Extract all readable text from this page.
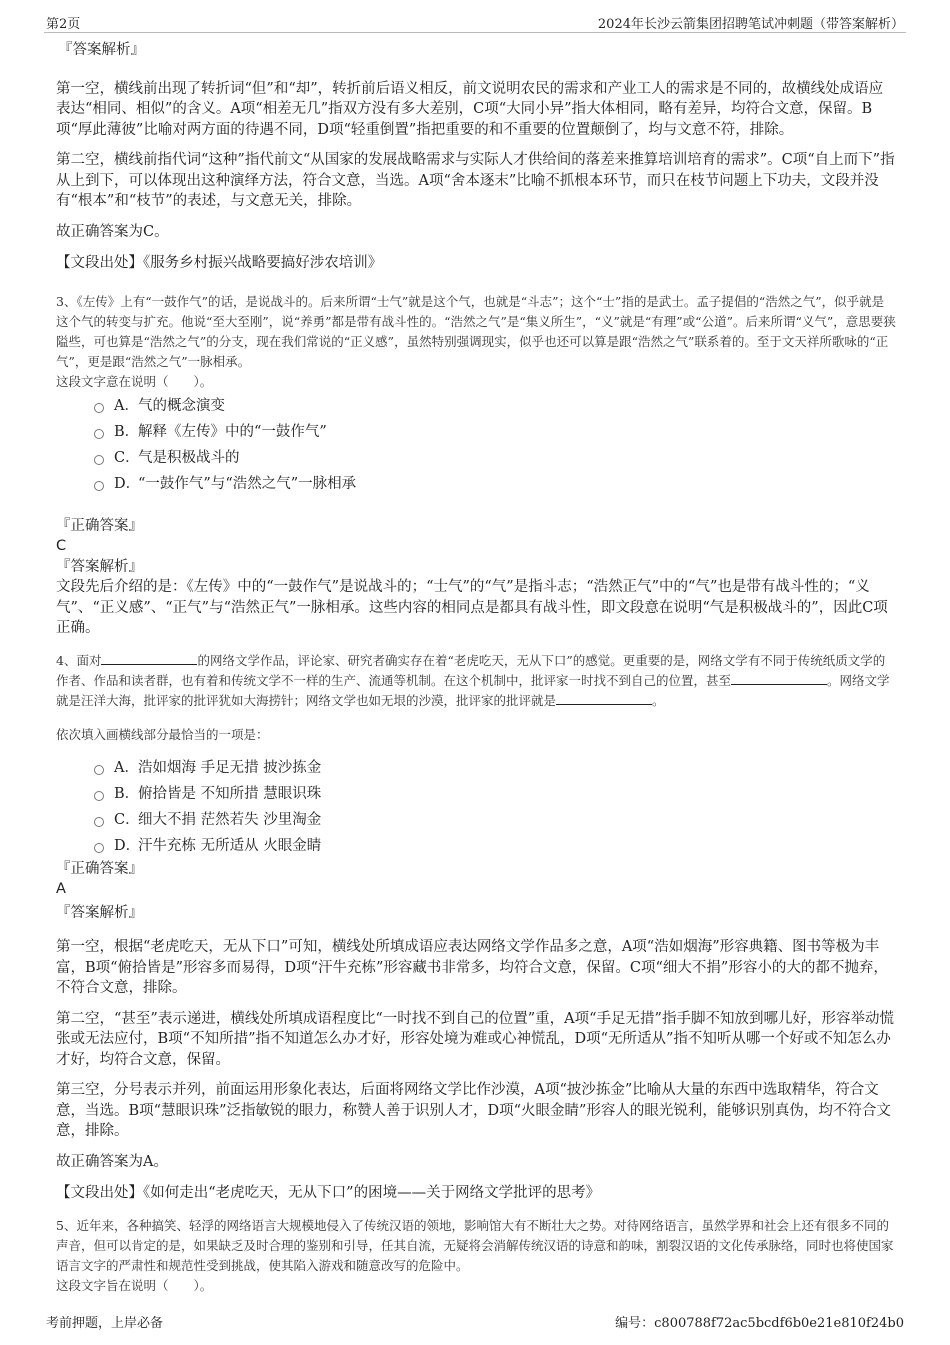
第2页	2024年长沙云箭集团招聘笔试冲刺题（带答案解析）

『答案解析』

第一空，横线前出现了转折词“但”和“却”，转折前后语义相反，前文说明农民的需求和产业工人的需求是不同的，故横线处成语应表达“相同、相似”的含义。A项“相差无几”指双方没有多大差别，C项“大同小异”指大体相同，略有差异，均符合文意，保留。B项“厚此薄彼”比喻对两方面的待遇不同，D项“轻重倒置”指把重要的和不重要的位置颠倒了，均与文意不符，排除。

第二空，横线前指代词“这种”指代前文“从国家的发展战略需求与实际人才供给间的落差来推算培训培育的需求”。C项“自上而下”指从上到下，可以体现出这种演绎方法，符合文意，当选。A项“舍本逐末”比喻不抓根本环节，而只在枝节问题上下功夫，文段并没有“根本”和“枝节”的表述，与文意无关，排除。

故正确答案为C。

【文段出处】《服务乡村振兴战略要搞好涉农培训》

3、《左传》上有“一鼓作气”的话，是说战斗的。后来所谓“士气”就是这个气，也就是“斗志”；这个“士”指的是武士。孟子提倡的“浩然之气”，似乎就是这个气的转变与扩充。他说“至大至刚”，说“养勇”都是带有战斗性的。“浩然之气”是“集义所生”，“义”就是“有理”或“公道”。后来所谓“义气”，意思要狭隘些，可也算是“浩然之气”的分支，现在我们常说的“正义感”，虽然特别强调现实，似乎也还可以算是跟“浩然之气”联系着的。至于文天祥所歌咏的“正气”，更是跟“浩然之气”一脉相承。

这段文字意在说明（　　）。

A．气的概念演变
B．解释《左传》中的“一鼓作气”
C．气是积极战斗的
D．“一鼓作气”与“浩然之气”一脉相承

『正确答案』

C

『答案解析』

文段先后介绍的是：《左传》中的“一鼓作气”是说战斗的；“士气”的“气”是指斗志；“浩然正气”中的“气”也是带有战斗性的；“义气”、“正义感”、“正气”与“浩然正气”一脉相承。这些内容的相同点是都具有战斗性，即文段意在说明“气是积极战斗的”，因此C项正确。

4、面对	的网络文学作品，评论家、研究者确实存在着“老虎吃天，无从下口”的感觉。更重要的是，网络文学有不同于传统纸质文学的作者、作品和读者群，也有着和传统文学不一样的生产、流通等机制。在这个机制中，批评家一时找不到自己的位置，甚至	。网络文学就是汪洋大海，批评家的批评犹如大海捞针；网络文学也如无垠的沙漠，批评家的批评就是	。

依次填入画横线部分最恰当的一项是：

A．浩如烟海 手足无措 披沙拣金
B．俯拾皆是 不知所措 慧眼识珠
C．细大不捐 茫然若失 沙里淘金
D．汗牛充栋 无所适从 火眼金睛

『正确答案』

A

『答案解析』

第一空，根据“老虎吃天，无从下口”可知，横线处所填成语应表达网络文学作品多之意，A项“浩如烟海”形容典籍、图书等极为丰富，B项“俯拾皆是”形容多而易得，D项“汗牛充栋”形容藏书非常多，均符合文意，保留。C项“细大不捐”形容小的大的都不抛弃，不符合文意，排除。

第二空，“甚至”表示递进，横线处所填成语程度比“一时找不到自己的位置”重，A项“手足无措”指手脚不知放到哪儿好，形容举动慌张或无法应付，B项“不知所措”指不知道怎么办才好，形容处境为难或心神慌乱，D项“无所适从”指不知听从哪一个好或不知怎么办才好，均符合文意，保留。

第三空，分号表示并列，前面运用形象化表达，后面将网络文学比作沙漠，A项“披沙拣金”比喻从大量的东西中选取精华，符合文意，当选。B项“慧眼识珠”泛指敏锐的眼力，称赞人善于识别人才，D项“火眼金睛”形容人的眼光锐利，能够识别真伪，均不符合文意，排除。

故正确答案为A。

【文段出处】《如何走出“老虎吃天，无从下口”的困境——关于网络文学批评的思考》

5、近年来，各种搞笑、轻浮的网络语言大规模地侵入了传统汉语的领地，影响馆大有不断壮大之势。对待网络语言，虽然学界和社会上还有很多不同的声音，但可以肯定的是，如果缺乏及时合理的鉴别和引导，任其自流，无疑将会消解传统汉语的诗意和韵味，割裂汉语的文化传承脉络，同时也将使国家语言文字的严肃性和规范性受到挑战，使其陷入游戏和随意改写的危险中。

这段文字旨在说明（　　）。

考前押题，上岸必备	编号：c800788f72ac5bcdf6b0e21e810f24b0
